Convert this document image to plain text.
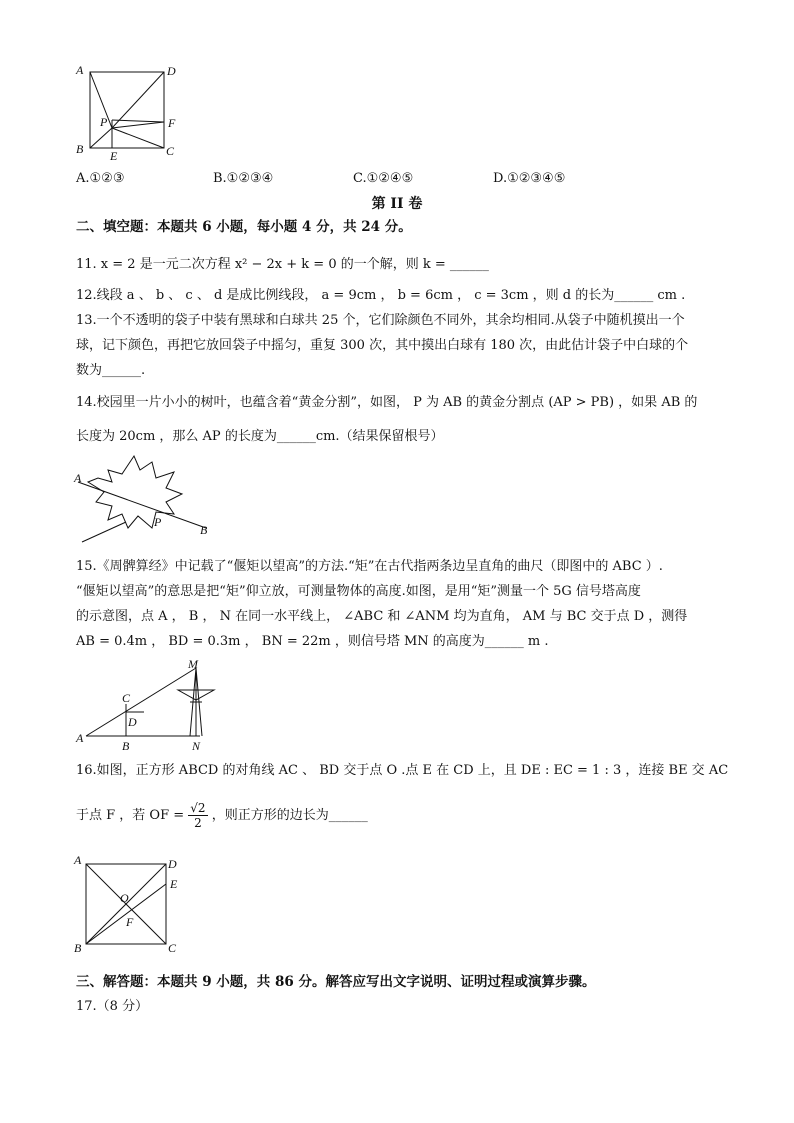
A	D
P	F
B E	C
A.①②③	B.①②③④	C.①②④⑤	D.①②③④⑤
第 II 卷
二、填空题：本题共 6 小题，每小题 4 分，共 24 分。
11. x = 2 是一元二次方程 x² − 2x + k = 0 的一个解，则 k = ______
12.线段 a 、 b 、 c 、 d 是成比例线段， a = 9cm ， b = 6cm ， c = 3cm ，则 d 的长为______ cm .
13.一个不透明的袋子中装有黑球和白球共 25 个，它们除颜色不同外，其余均相同.从袋子中随机摸出一个
球，记下颜色，再把它放回袋子中摇匀，重复 300 次，其中摸出白球有 180 次，由此估计袋子中白球的个
数为______.
14.校园里一片小小的树叶，也蕴含着“黄金分割”，如图， P 为 AB 的黄金分割点 (AP > PB) ，如果 AB 的
长度为 20cm ，那么 AP 的长度为______cm.（结果保留根号）
A
P
B
15.《周髀算经》中记载了“偃矩以望高”的方法.“矩”在古代指两条边呈直角的曲尺（即图中的 ABC ）.
“偃矩以望高”的意思是把“矩”仰立放，可测量物体的高度.如图，是用“矩”测量一个 5G 信号塔高度
的示意图，点 A ， B ， N 在同一水平线上， ∠ABC 和 ∠ANM 均为直角， AM 与 BC 交于点 D ，测得
AB = 0.4m ， BD = 0.3m ， BN = 22m ，则信号塔 MN 的高度为______ m .
M
C
D
A
B	N
16.如图，正方形 ABCD 的对角线 AC 、 BD 交于点 O .点 E 在 CD 上，且 DE : EC = 1 : 3 ，连接 BE 交 AC
于点 F ，若 OF = $\frac{√2}{2}$ ，则正方形的边长为______
A	D
E
O
F
B	C
三、解答题：本题共 9 小题，共 86 分。解答应写出文字说明、证明过程或演算步骤。
17.（8 分）
